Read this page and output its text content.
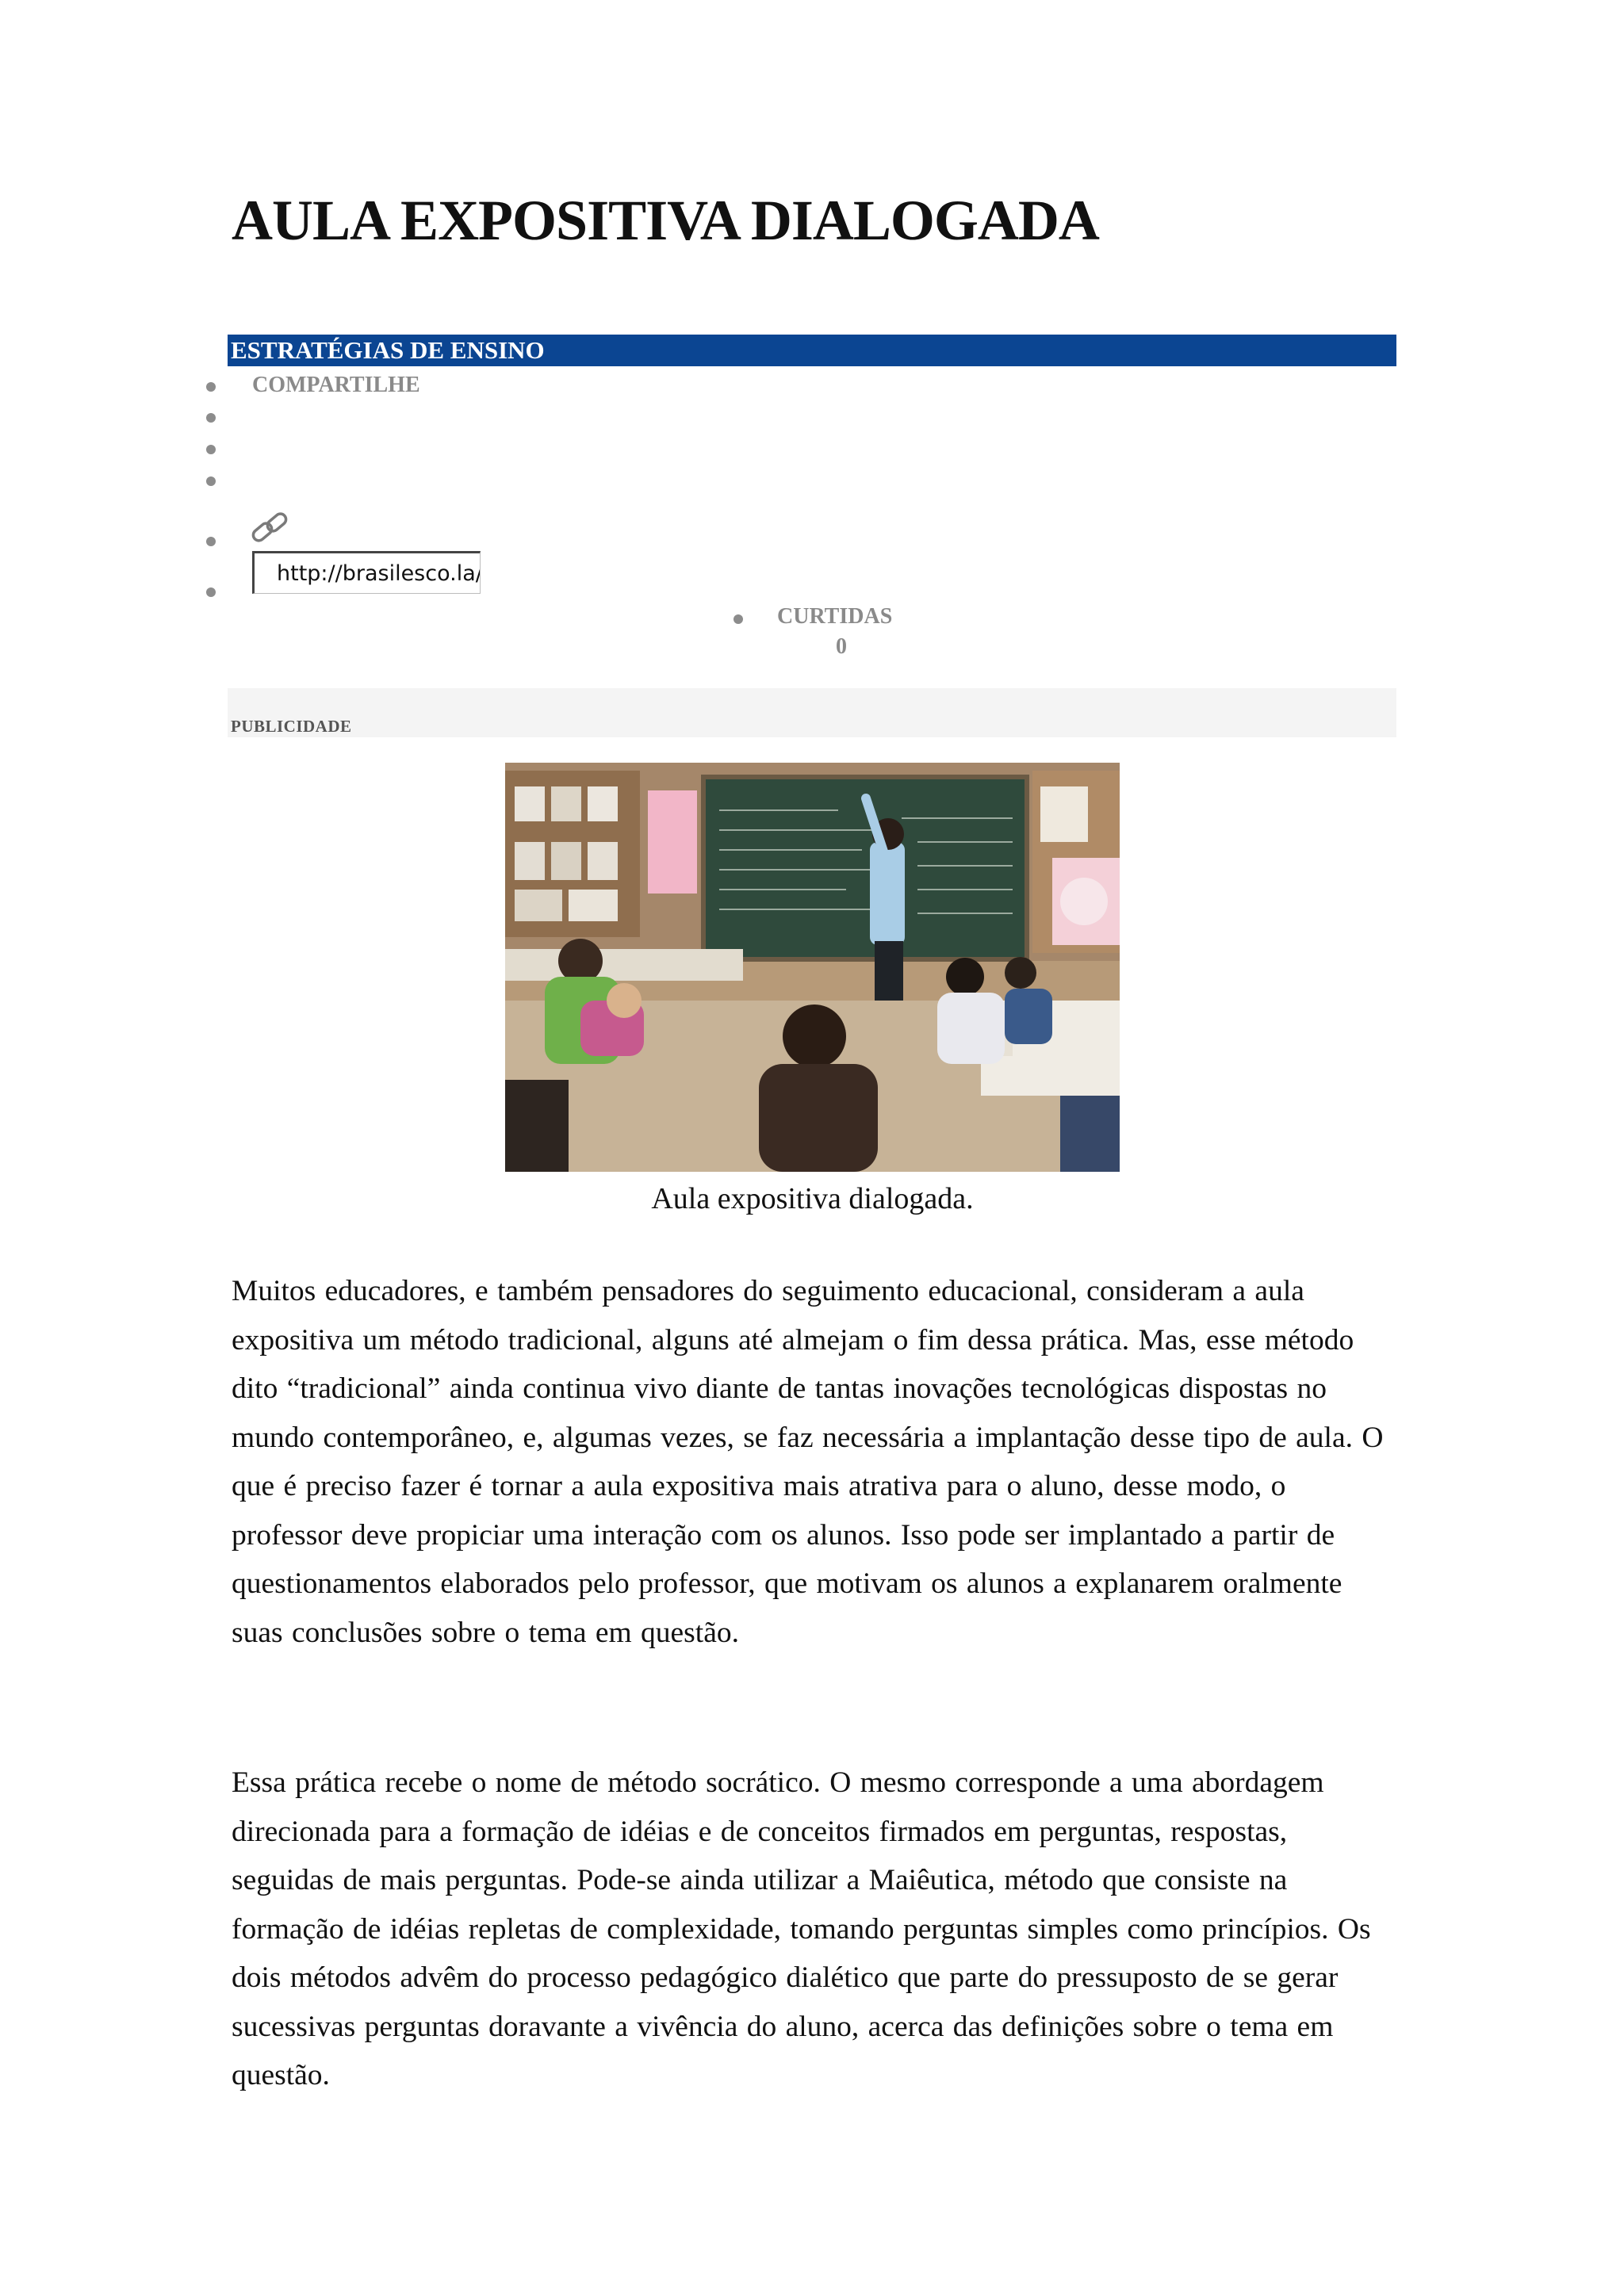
AULA EXPOSITIVA DIALOGADA
ESTRATÉGIAS DE ENSINO
COMPARTILHE
http://brasilesco.la/
CURTIDAS
0
PUBLICIDADE
Aula expositiva dialogada.

Muitos educadores, e também pensadores do seguimento educacional, consideram a aula expositiva um método tradicional, alguns até almejam o fim dessa prática. Mas, esse método dito “tradicional” ainda continua vivo diante de tantas inovações tecnológicas dispostas no mundo contemporâneo, e, algumas vezes, se faz necessária a implantação desse tipo de aula. O que é preciso fazer é tornar a aula expositiva mais atrativa para o aluno, desse modo, o professor deve propiciar uma interação com os alunos. Isso pode ser implantado a partir de questionamentos elaborados pelo professor, que motivam os alunos a explanarem oralmente suas conclusões sobre o tema em questão.

Essa prática recebe o nome de método socrático. O mesmo corresponde a uma abordagem direcionada para a formação de idéias e de conceitos firmados em perguntas, respostas, seguidas de mais perguntas. Pode-se ainda utilizar a Maiêutica, método que consiste na formação de idéias repletas de complexidade, tomando perguntas simples como princípios. Os dois métodos advêm do processo pedagógico dialético que parte do pressuposto de se gerar sucessivas perguntas doravante a vivência do aluno, acerca das definições sobre o tema em questão.
